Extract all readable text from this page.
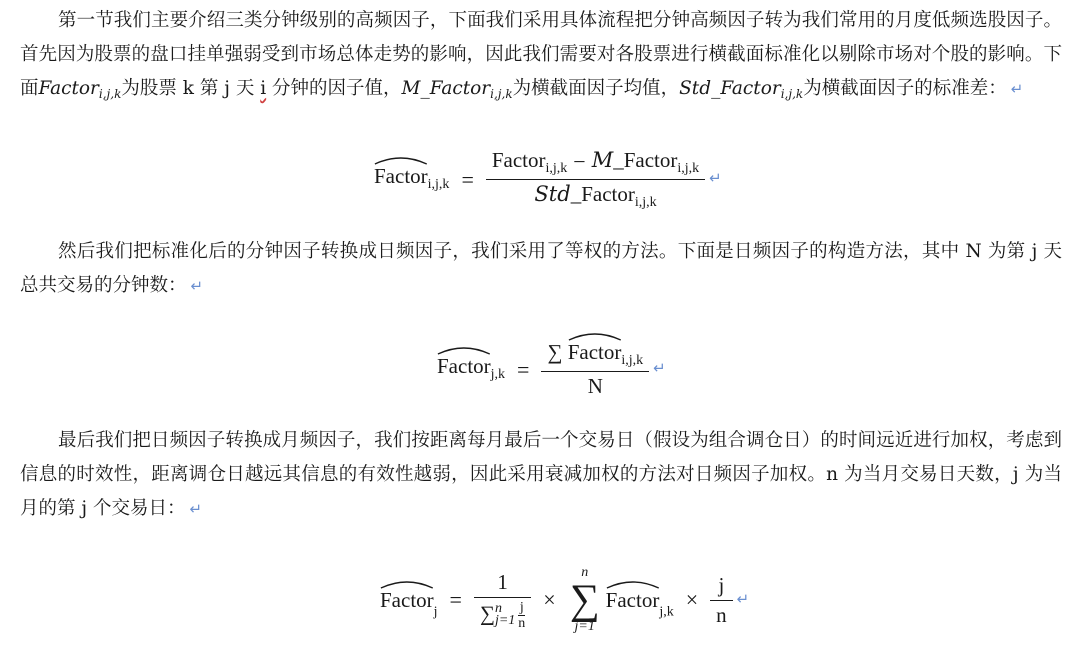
第一节我们主要介绍三类分钟级别的高频因子，下面我们采用具体流程把分钟高频因子转为我们常用的月度低频选股因子。首先因为股票的盘口挂单强弱受到市场总体走势的影响，因此我们需要对各股票进行横截面标准化以剔除市场对个股的影响。下面Factor$_{i,j,k}$为股票 k 第 j 天 i 分钟的因子值，M_Factor$_{i,j,k}$为横截面因子均值，Std_Factor$_{i,j,k}$为横截面因子的标准差： ↵

Factori,j,k = $\frac{Factor_{i,j,k} - M\_Factor_{i,j,k}}{Std\_Factor_{i,j,k}}$ ↵

然后我们把标准化后的分钟因子转换成日频因子，我们采用了等权的方法。下面是日频因子的构造方法，其中 N 为第 j 天总共交易的分钟数： ↵

Factorj,k = $\frac{\sum Factor_{i,j,k}}{N}$ ↵

最后我们把日频因子转换成月频因子，我们按距离每月最后一个交易日（假设为组合调仓日）的时间远近进行加权，考虑到信息的时效性，距离调仓日越远其信息的有效性越弱，因此采用衰减加权的方法对日频因子加权。n 为当月交易日天数，j 为当月的第 j 个交易日： ↵

Factorj = 1
∑ n
$j=1 \frac{j}{n}$ ×
n
∑
j=1

Factorj,k × $\frac{j}{n}$ ↵
